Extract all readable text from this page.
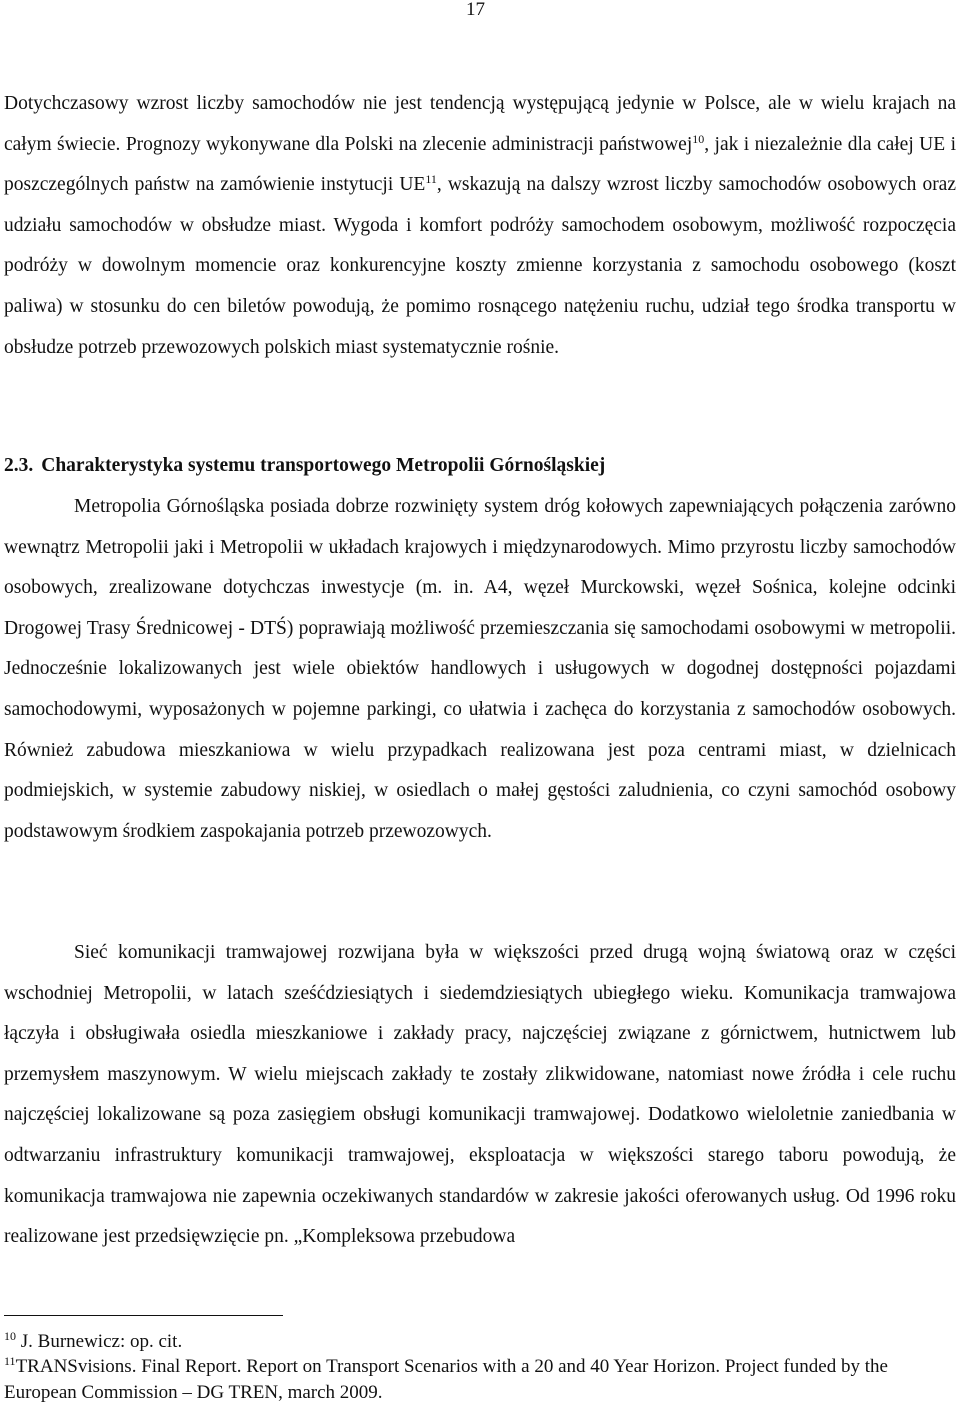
17

Dotychczasowy wzrost liczby samochodów nie jest tendencją występującą jedynie w Polsce, ale w wielu krajach na całym świecie. Prognozy wykonywane dla Polski na zlecenie administracji państwowej$^{10}$, jak i niezależnie dla całej UE i poszczególnych państw na zamówienie instytucji UE$^{11}$, wskazują na dalszy wzrost liczby samochodów osobowych oraz udziału samochodów w obsłudze miast. Wygoda i komfort podróży samochodem osobowym, możliwość rozpoczęcia podróży w dowolnym momencie oraz konkurencyjne koszty zmienne korzystania z samochodu osobowego (koszt paliwa) w stosunku do cen biletów powodują, że pomimo rosnącego natężeniu ruchu, udział tego środka transportu w obsłudze potrzeb przewozowych polskich miast systematycznie rośnie.

2.3. Charakterystyka systemu transportowego Metropolii Górnośląskiej

Metropolia Górnośląska posiada dobrze rozwinięty system dróg kołowych zapewniających połączenia zarówno wewnątrz Metropolii jaki i Metropolii w układach krajowych i międzynarodowych. Mimo przyrostu liczby samochodów osobowych, zrealizowane dotychczas inwestycje (m. in. A4, węzeł Murckowski, węzeł Sośnica, kolejne odcinki Drogowej Trasy Średnicowej - DTŚ) poprawiają możliwość przemieszczania się samochodami osobowymi w metropolii. Jednocześnie lokalizowanych jest wiele obiektów handlowych i usługowych w dogodnej dostępności pojazdami samochodowymi, wyposażonych w pojemne parkingi, co ułatwia i zachęca do korzystania z samochodów osobowych. Również zabudowa mieszkaniowa w wielu przypadkach realizowana jest poza centrami miast, w dzielnicach podmiejskich, w systemie zabudowy niskiej, w osiedlach o małej gęstości zaludnienia, co czyni samochód osobowy podstawowym środkiem zaspokajania potrzeb przewozowych.

Sieć komunikacji tramwajowej rozwijana była w większości przed drugą wojną światową oraz w części wschodniej Metropolii, w latach sześćdziesiątych i siedemdziesiątych ubiegłego wieku. Komunikacja tramwajowa łączyła i obsługiwała osiedla mieszkaniowe i zakłady pracy, najczęściej związane z górnictwem, hutnictwem lub przemysłem maszynowym. W wielu miejscach zakłady te zostały zlikwidowane, natomiast nowe źródła i cele ruchu najczęściej lokalizowane są poza zasięgiem obsługi komunikacji tramwajowej. Dodatkowo wieloletnie zaniedbania w odtwarzaniu infrastruktury komunikacji tramwajowej, eksploatacja w większości starego taboru powodują, że komunikacja tramwajowa nie zapewnia oczekiwanych standardów w zakresie jakości oferowanych usług. Od 1996 roku realizowane jest przedsięwzięcie pn. „Kompleksowa przebudowa

$^{10}$ J. Burnewicz: op. cit.

$^{11}$TRANSvisions. Final Report. Report on Transport Scenarios with a 20 and 40 Year Horizon. Project funded by the European Commission – DG TREN, march 2009.
